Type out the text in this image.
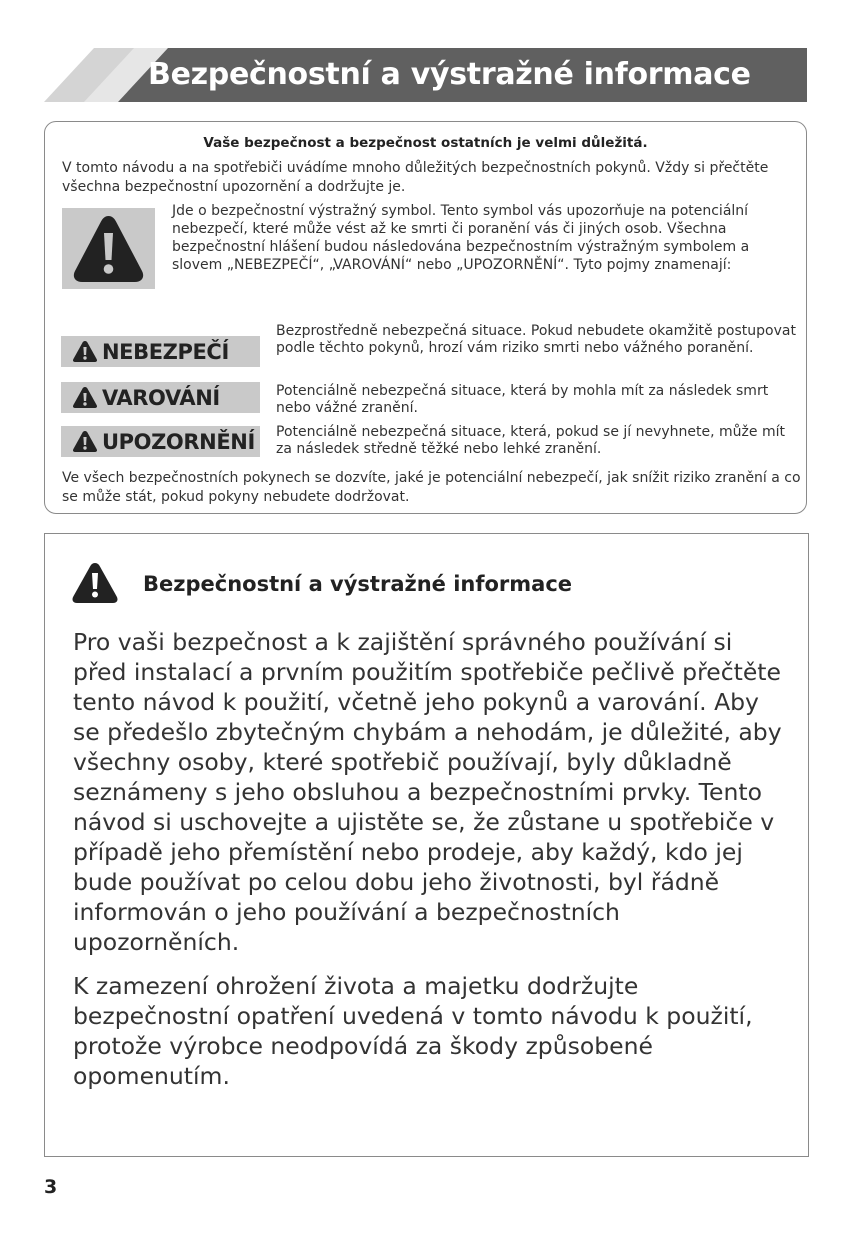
Bezpečnostní a výstražné informace
Vaše bezpečnost a bezpečnost ostatních je velmi důležitá.

V tomto návodu a na spotřebiči uvádíme mnoho důležitých bezpečnostních pokynů. Vždy si přečtěte všechna bezpečnostní upozornění a dodržujte je.

Jde o bezpečnostní výstražný symbol. Tento symbol vás upozorňuje na potenciální nebezpečí, které může vést až ke smrti či poranění vás či jiných osob. Všechna bezpečnostní hlášení budou následována bezpečnostním výstražným symbolem a slovem „NEBEZPEČÍ“, „VAROVÁNÍ“ nebo „UPOZORNĚNÍ“. Tyto pojmy znamenají:

NEBEZPEČÍ

Bezprostředně nebezpečná situace. Pokud nebudete okamžitě postupovat podle těchto pokynů, hrozí vám riziko smrti nebo vážného poranění.

VAROVÁNÍ	Potenciálně nebezpečná situace, která by mohla mít za následek smrt nebo vážné zranění.

UPOZORNĚNÍ Potenciálně nebezpečná situace, která, pokud se jí nevyhnete, může mít za následek středně těžké nebo lehké zranění.

Ve všech bezpečnostních pokynech se dozvíte, jaké je potenciální nebezpečí, jak snížit riziko zranění a co se může stát, pokud pokyny nebudete dodržovat.

Bezpečnostní a výstražné informace

Pro vaši bezpečnost a k zajištění správného používání si před instalací a prvním použitím spotřebiče pečlivě přečtěte tento návod k použití, včetně jeho pokynů a varování. Aby se předešlo zbytečným chybám a nehodám, je důležité, aby všechny osoby, které spotřebič používají, byly důkladně seznámeny s jeho obsluhou a bezpečnostními prvky. Tento návod si uschovejte a ujistěte se, že zůstane u spotřebiče v případě jeho přemístění nebo prodeje, aby každý, kdo jej bude používat po celou dobu jeho životnosti, byl řádně informován o jeho používání a bezpečnostních upozorněních.

K zamezení ohrožení života a majetku dodržujte bezpečnostní opatření uvedená v tomto návodu k použití, protože výrobce neodpovídá za škody způsobené opomenutím.

3
